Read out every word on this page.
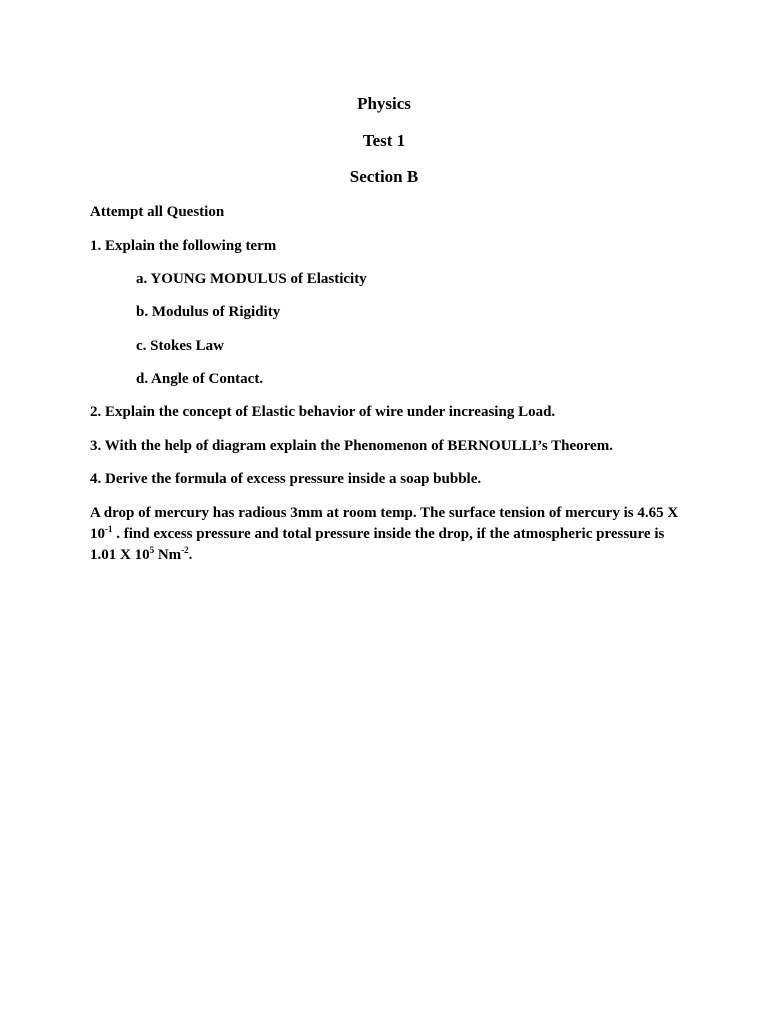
Physics
Test 1
Section B

Attempt all Question

1. Explain the following term

a. YOUNG MODULUS of Elasticity

b. Modulus of Rigidity

c. Stokes Law

d. Angle of Contact.

2. Explain the concept of Elastic behavior of wire under increasing Load.

3. With the help of diagram explain the Phenomenon of BERNOULLI’s Theorem.

4. Derive the formula of excess pressure inside a soap bubble.

A drop of mercury has radious 3mm at room temp. The surface tension of mercury is 4.65 X $10^{-1}$ . find excess pressure and total pressure inside the drop, if the atmospheric pressure is 1.01 X $10^5$ $Nm^{-2}$.
